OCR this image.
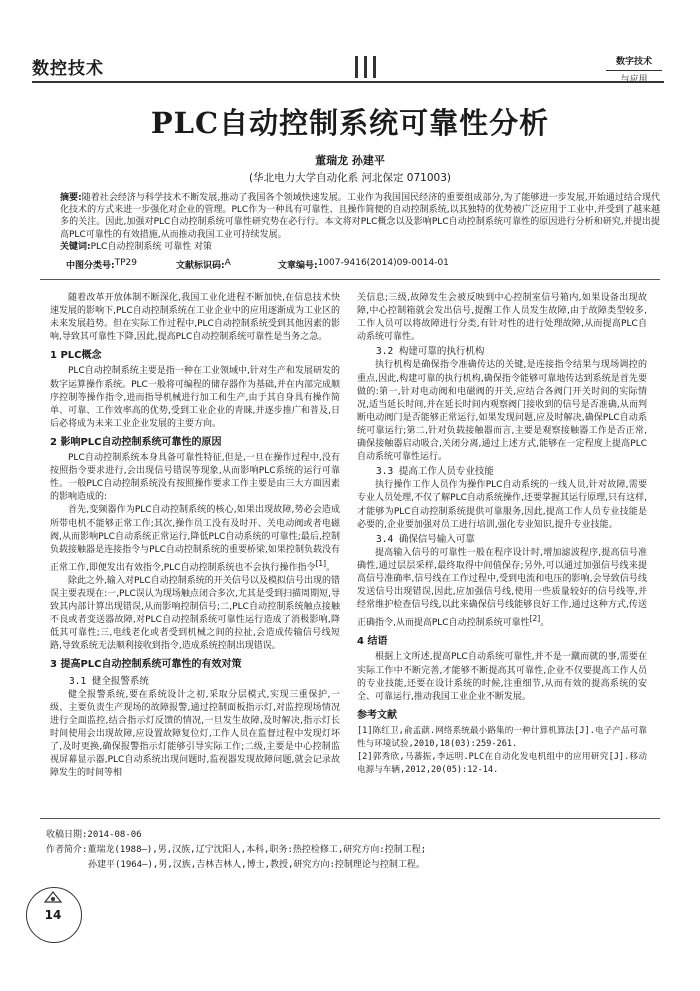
数控技术	数字技术
与应用
PLC自动控制系统可靠性分析
董瑞龙 孙建平
(华北电力大学自动化系 河北保定 071003)
摘要:随着社会经济与科学技术不断发展,推动了我国各个领域快速发展。工业作为我国国民经济的重要组成部分,为了能够进一步发展,开始通过结合现代化技术的方式来进一步强化对企业的管理。PLC作为一种具有可靠性、且操作简便的自动控制系统,以其独特的优势被广泛应用于工业中,并受到了越来越多的关注。因此,加强对PLC自动控制系统可靠性研究势在必行行。本文将对PLC概念以及影响PLC自动控制系统可靠性的原因进行分析和研究,并提出提高PLC可靠性的有效措施,从而推动我国工业可持续发展。
关键词:PLC自动控制系统 可靠性 对策
中图分类号: TP29	文献标识码: A	文章编号: 1007-9416(2014)09-0014-01

随着改革开放体制不断深化,我国工业化进程不断加快,在信息技术快速发展的影响下,PLC自动控制系统在工业企业中的应用逐渐成为工业区的未来发展趋势。但在实际工作过程中,PLC自动控制系统受到其他因素的影响,导致其可靠性下降,因此,提高PLC自动控制系统可靠性是当务之急。

1 PLC概念

PLC自动控制系统主要是指一种在工业领域中,针对生产和发展研发的数字运算操作系统。PLC一般将可编程的储存器作为基础,并在内部完成顺序控制等操作指令,进而指导机械进行加工和生产,由于其自身具有操作简单、可靠、工作效率高的优势,受到工业企业的青睐,并逐步推广和普及,日后必将成为未来工业企业发展的主要方向。

2 影响PLC自动控制系统可靠性的原因

PLC自动控制系统本身具备可靠性特征,但是,一旦在操作过程中,没有按照指令要求进行,会出现信号错误等现象,从而影响PLC系统的运行可靠性。一般PLC自动控制系统没有按照操作要求工作主要是由三大方面因素的影响造成的:

首先,变频器作为PLC自动控制系统的核心,如果出现故障,势必会造成所带电机不能够正常工作;其次,操作员工没有及时开、关电动阀或者电磁阀,从而影响PLC自动系统正常运行,降低PLC自动系统的可靠性;最后,控制负载接触器是连接指令与PLC自动控制系统的重要桥梁,如果控制负载没有正常工作,即便发出有效指令,PLC自动控制系统也不会执行操作指令[1]。

除此之外,输入对PLC自动控制系统的开关信号以及模拟信号出现的错误主要表现在:一,PLC误认为现场触点闭合多次,尤其是受到扫描周期短,导致其内部计算出现错误,从而影响控制信号;二,PLC自动控制系统触点接触不良或者变送器故障,对PLC自动控制系统可靠性运行造成了消极影响,降低其可靠性;三,电线老化或者受到机械之间的拉扯,会造成传输信号线短路,导致系统无法顺利接收到指令,造成系统控制出现错误。

3 提高PLC自动控制系统可靠性的有效对策
3.1 健全报警系统

健全报警系统,要在系统设计之初,采取分层模式,实现三重保护,一级、主要负责生产现场的故障报警,通过控制面板指示灯,对监控现场情况进行全面监控,结合指示灯反馈的情况,一旦发生故障,及时解决,指示灯长时间使用会出现故障,应设置故障复位灯,工作人员在监督过程中发现灯坏了,及时更换,确保报警指示灯能够引导实际工作;二级,主要是中心控制监视屏幕显示器,PLC自动系统出现问题时,监视器发现故障问题,就会记录故障发生的时间等相

关信息;三级,故障发生会被反映到中心控制室信号箱内,如果设备出现故障,中心控制箱就会发出信号,提醒工作人员发生故障,由于故障类型较多,工作人员可以将故障进行分类,有针对性的进行处理故障,从而提高PLC自动系统可靠性。

3.2 构建可靠的执行机构

执行机构是确保指令准确传达的关键,是连接指令结果与现场调控的重点,因此,构建可靠的执行机构,确保指令能够可靠地传达到系统是首先要做的:第一,针对电动阀和电磁阀的开关,应结合各阀门开关时间的实际情况,适当延长时间,并在延长时间内观察阀门接收到的信号是否准确,从而判断电动阀门是否能够正常运行,如果发现问题,应及时解决,确保PLC自动系统可靠运行;第二,针对负载接触器而言,主要是观察接触器工作是否正常,确保接触器启动吸合,关闭分离,通过上述方式,能够在一定程度上提高PLC自动系统可靠性运行。

3.3 提高工作人员专业技能

执行操作工作人员作为操作PLC自动系统的一线人员,针对故障,需要专业人员处理,不仅了解PLC自动系统操作,还要掌握其运行原理,只有这样,才能够为PLC自动控制系统提供可靠服务,因此,提高工作人员专业技能是必要的,企业要加强对员工进行培训,强化专业知识,提升专业技能。

3.4 确保信号输入可靠

提高输入信号的可靠性一般在程序设计时,增加滤波程序,提高信号准确性,通过层层采样,最终取得中间值保存;另外,可以通过加强信号线来提高信号准确率,信号线在工作过程中,受到电流和电压的影响,会导致信号线发送信号出现错误,因此,应加强信号线,使用一些质量较好的信号线等,并经常维护检查信号线,以此来确保信号线能够良好工作,通过这种方式,传送正确指令,从而提高PLC自动控制系统可靠性[2]。

4 结语

根据上文所述,提高PLC自动系统可靠性,并不是一蹴而就的事,需要在实际工作中不断完善,才能够不断提高其可靠性,企业不仅要提高工作人员的专业技能,还要在设计系统的时候,注重细节,从而有效的提高系统的安全、可靠运行,推动我国工业企业不断发展。

参考文献

[1]陈红卫,俞孟蕻.网络系统最小路集的一种计算机算法[J].电子产品可靠性与环境试验,2010,18(03):259-261.

[2]郭秀欣,马蕃振,李远明.PLC在自动化发电机组中的应用研究[J].移动电源与车辆,2012,20(05):12-14.

收稿日期:2014-08-06
作者简介:董瑞龙(1988—),男,汉族,辽宁沈阳人,本科,职务:热控检修工,研究方向:控制工程;
孙建平(1964—),男,汉族,吉林吉林人,博士,教授,研究方向:控制理论与控制工程。
14
